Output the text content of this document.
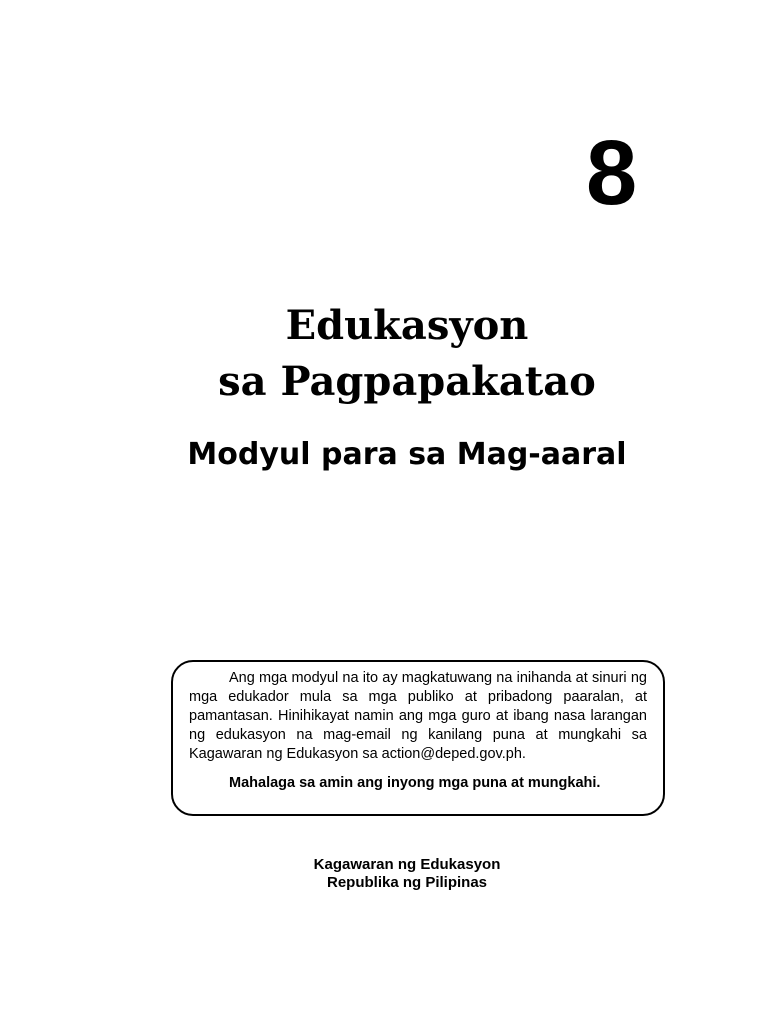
8
Edukasyon
sa Pagpapakatao
Modyul para sa Mag-aaral

Ang mga modyul na ito ay magkatuwang na inihanda at sinuri ng mga edukador mula sa mga publiko at pribadong paaralan, at pamantasan. Hinihikayat namin ang mga guro at ibang nasa larangan ng edukasyon na mag-email ng kanilang puna at mungkahi sa Kagawaran ng Edukasyon sa action@deped.gov.ph.

Mahalaga sa amin ang inyong mga puna at mungkahi.

Kagawaran ng Edukasyon
Republika ng Pilipinas
